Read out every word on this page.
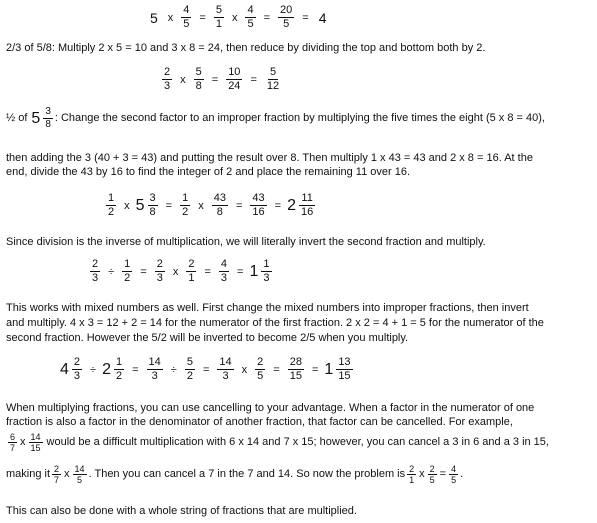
5 x $\frac{4}{5} = \frac{5}{1}$ x $\frac{4}{5} = \frac{20}{5} = 4$
2/3 of 5/8: Multiply 2 x 5 = 10 and 3 x 8 = 24, then reduce by dividing the top and bottom both by 2.
$\frac{2}{3}$ x $\frac{5}{8} = \frac{10}{24} = \frac{5}{12}$
½ of $5 \frac{3}{8}$ : Change the second factor to an improper fraction by multiplying the five times the eight (5 x 8 = 40),
then adding the 3 (40 + 3 = 43) and putting the result over 8. Then multiply 1 x 43 = 43 and 2 x 8 = 16. At the
end, divide the 43 by 16 to find the integer of 2 and place the remaining 11 over 16.
$\frac{1}{2}$ x $5 \frac{3}{8} = \frac{1}{2}$ x $\frac{43}{8} = \frac{43}{16} = 2 \frac{11}{16}$
Since division is the inverse of multiplication, we will literally invert the second fraction and multiply.
$\frac{2}{3} \div \frac{1}{2} = \frac{2}{3}$ x $\frac{2}{1} = \frac{4}{3} = 1 \frac{1}{3}$
This works with mixed numbers as well. First change the mixed numbers into improper fractions, then invert
and multiply. 4 x 3 = 12 + 2 = 14 for the numerator of the first fraction. 2 x 2 = 4 + 1 = 5 for the numerator of the
second fraction. However the 5/2 will be inverted to become 2/5 when you multiply.
$4 \frac{2}{3} \div 2 \frac{1}{2} = \frac{14}{3} \div \frac{5}{2} = \frac{14}{3}$ x $\frac{2}{5} = \frac{28}{15} = 1 \frac{13}{15}$
When multiplying fractions, you can use cancelling to your advantage. When a factor in the numerator of one
fraction is also a factor in the denominator of another fraction, that factor can be cancelled. For example,
$\frac{6}{7}$ x $\frac{14}{15}$ would be a difficult multiplication with 6 x 14 and 7 x 15; however, you can cancel a 3 in 6 and a 3 in 15,
making it $\frac{2}{7}$ x $\frac{14}{5}$ . Then you can cancel a 7 in the 7 and 14. So now the problem is $\frac{2}{1}$ x $\frac{2}{5} = \frac{4}{5}$ .
This can also be done with a whole string of fractions that are multiplied.
